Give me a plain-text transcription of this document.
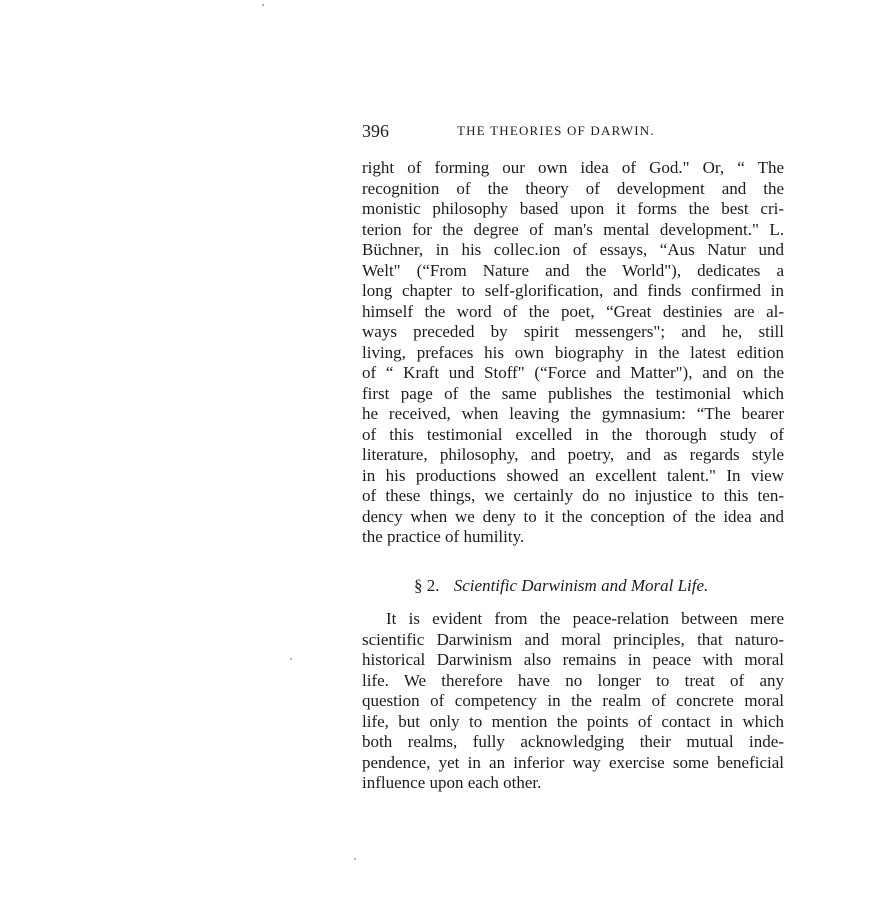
396	THE THEORIES OF DARWIN.
right of forming our own idea of God." Or, “ The
recognition of the theory of development and the
monistic philosophy based upon it forms the best cri-
terion for the degree of man's mental development." L.
Büchner, in his collec.ion of essays, “Aus Natur und
Welt" (“From Nature and the World"), dedicates a
long chapter to self-glorification, and finds confirmed in
himself the word of the poet, “Great destinies are al-
ways preceded by spirit messengers"; and he, still
living, prefaces his own biography in the latest edition
of “ Kraft und Stoff" (“Force and Matter"), and on the
first page of the same publishes the testimonial which
he received, when leaving the gymnasium: “The bearer
of this testimonial excelled in the thorough study of
literature, philosophy, and poetry, and as regards style
in his productions showed an excellent talent." In view
of these things, we certainly do no injustice to this ten-
dency when we deny to it the conception of the idea and
the practice of humility.
§ 2. Scientific Darwinism and Moral Life.
It is evident from the peace-relation between mere
scientific Darwinism and moral principles, that naturo-
historical Darwinism also remains in peace with moral
life. We therefore have no longer to treat of any
question of competency in the realm of concrete moral
life, but only to mention the points of contact in which
both realms, fully acknowledging their mutual inde-
pendence, yet in an inferior way exercise some beneficial
influence upon each other.
